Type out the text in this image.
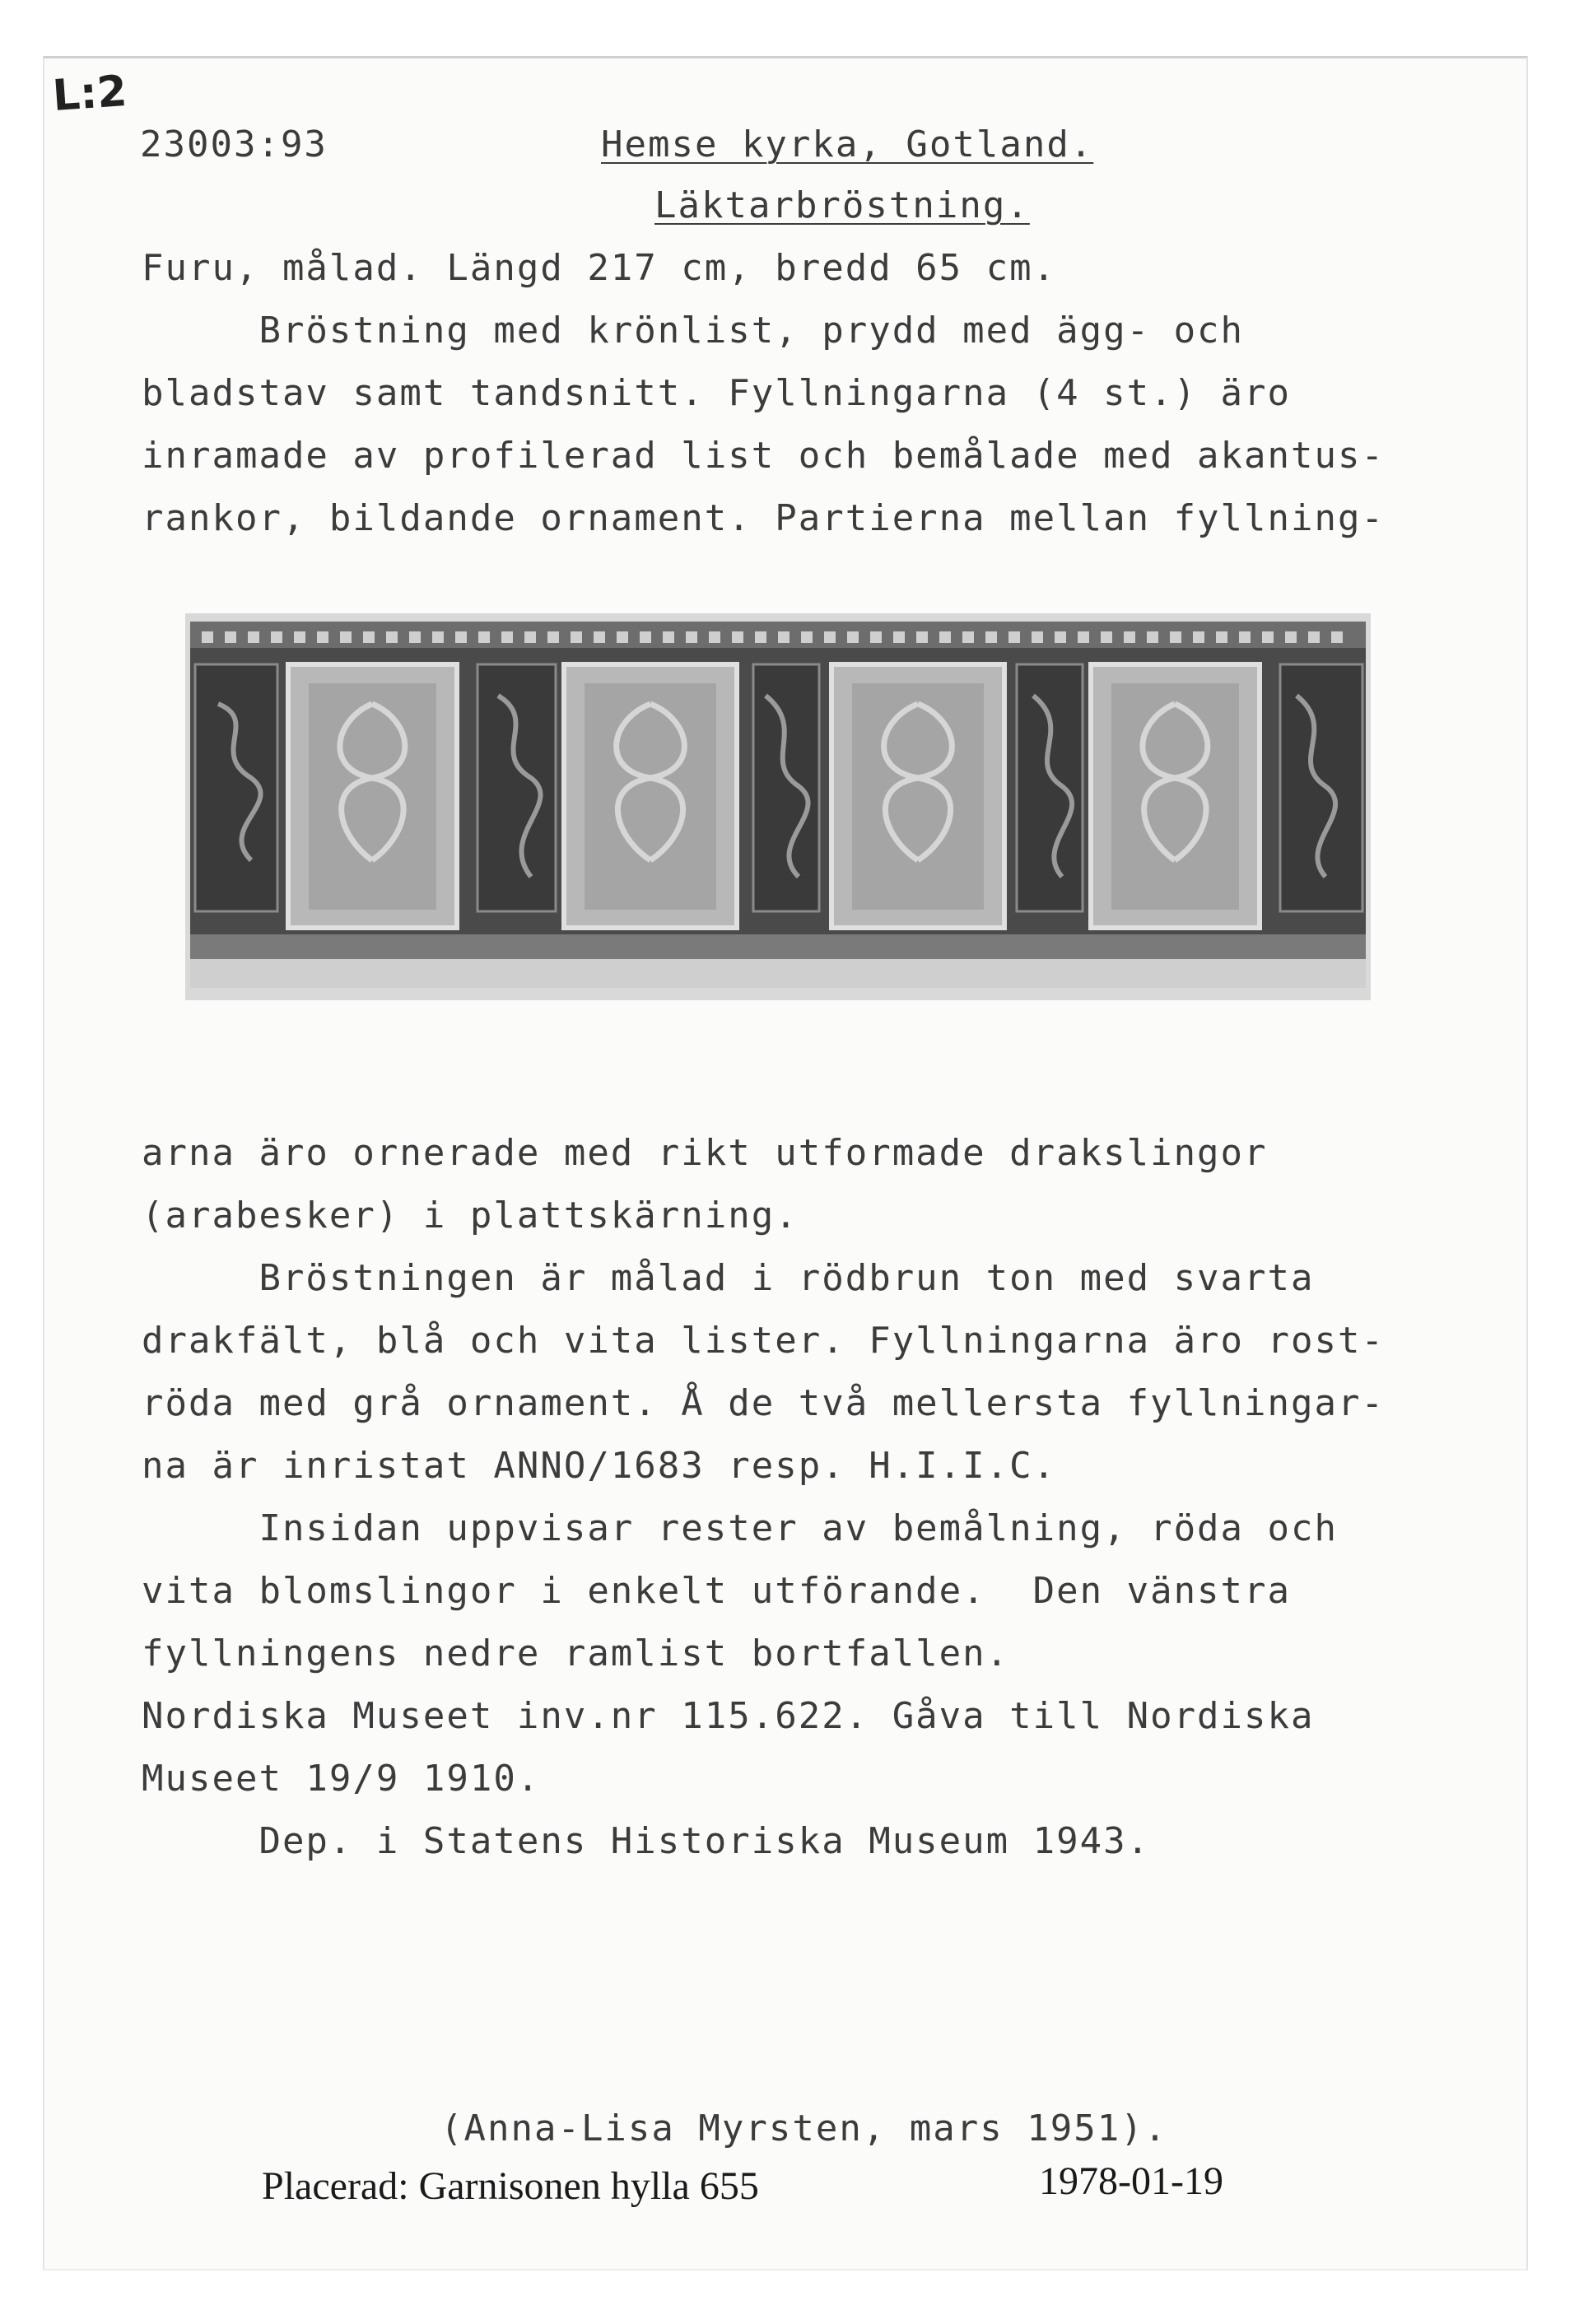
L:2
23003:93	Hemse kyrka, Gotland.
Läktarbröstning.
Furu, målad. Längd 217 cm, bredd 65 cm.
Bröstning med krönlist, prydd med ägg- och
bladstav samt tandsnitt. Fyllningarna (4 st.) äro
inramade av profilerad list och bemålade med akantus-
rankor, bildande ornament. Partierna mellan fyllning-
arna äro ornerade med rikt utformade drakslingor
(arabesker) i plattskärning.
Bröstningen är målad i rödbrun ton med svarta
drakfält, blå och vita lister. Fyllningarna äro rost-
röda med grå ornament. Å de två mellersta fyllningar-
na är inristat ANNO/1683 resp. H.I.I.C.
Insidan uppvisar rester av bemålning, röda och
vita blomslingor i enkelt utförande.  Den vänstra
fyllningens nedre ramlist bortfallen.
Nordiska Museet inv.nr 115.622. Gåva till Nordiska
Museet 19/9 1910.
Dep. i Statens Historiska Museum 1943.
(Anna-Lisa Myrsten, mars 1951).
Placerad: Garnisonen hylla 655	1978-01-19
